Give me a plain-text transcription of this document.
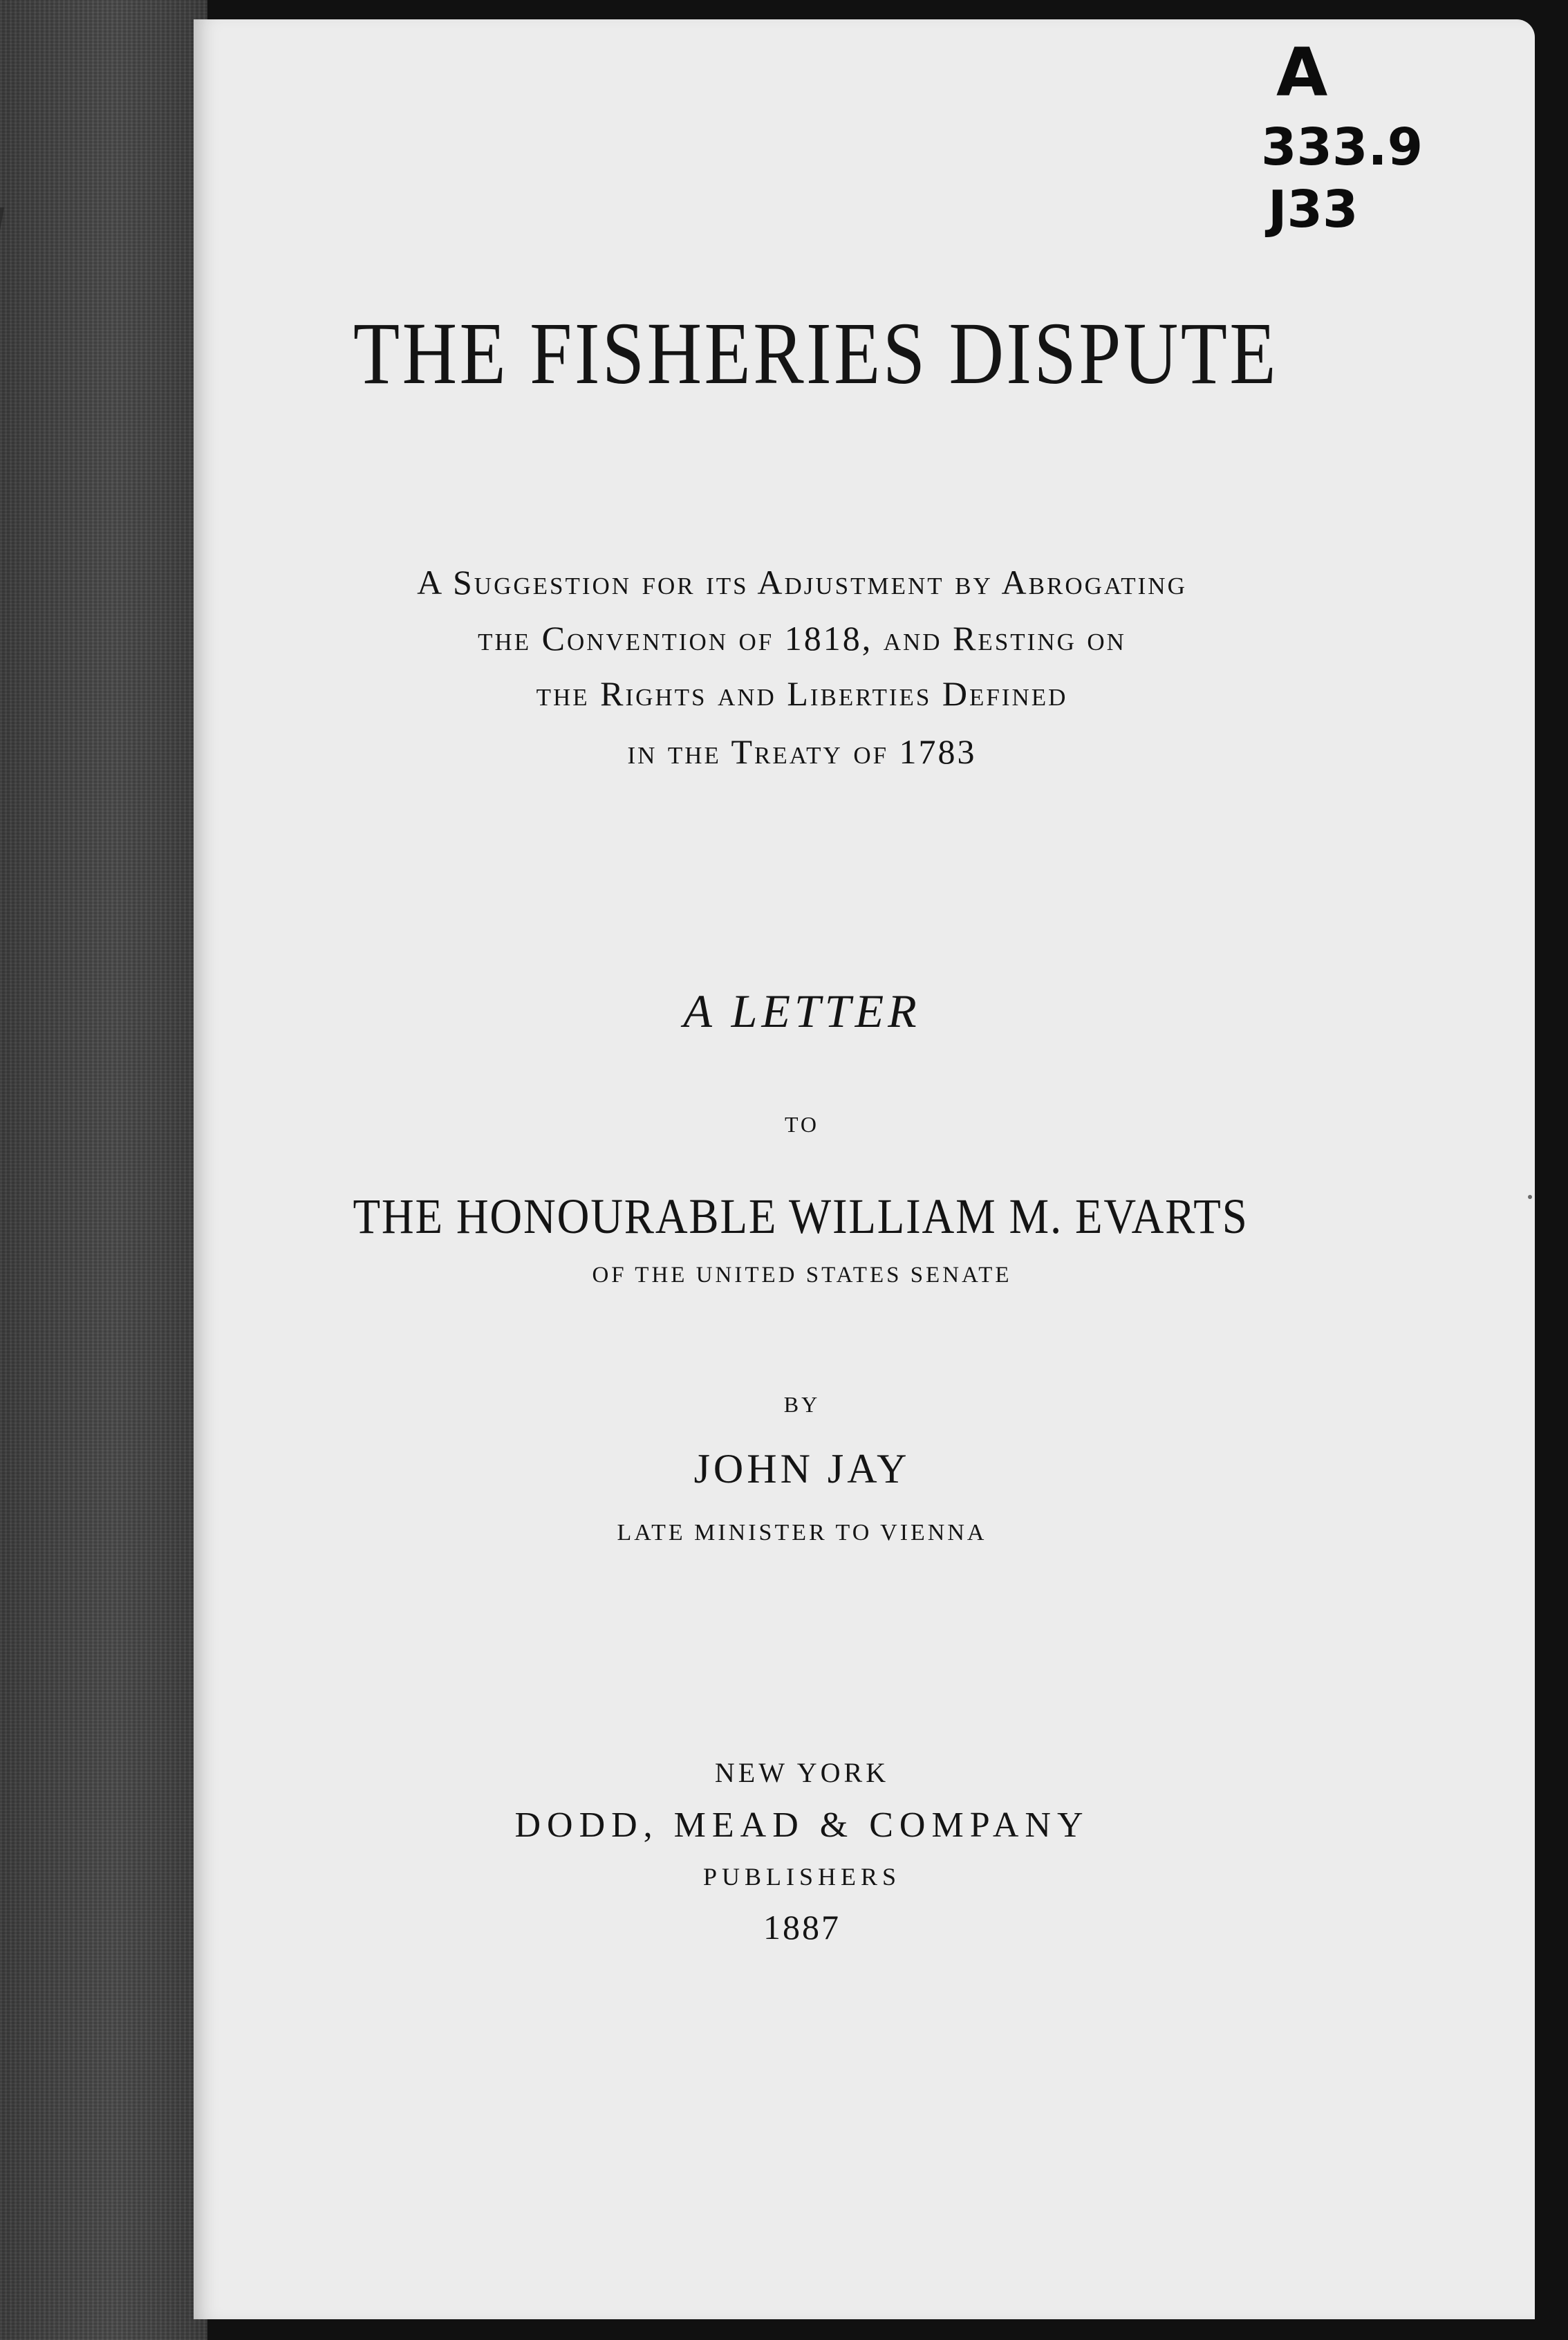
A
333.9
J33
THE FISHERIES DISPUTE
A Suggestion for its Adjustment by Abrogating
the Convention of 1818, and Resting on
the Rights and Liberties Defined
in the Treaty of 1783
A LETTER
TO
THE HONOURABLE WILLIAM M. EVARTS
OF THE UNITED STATES SENATE
BY
JOHN JAY
LATE MINISTER TO VIENNA
NEW YORK
DODD, MEAD & COMPANY
PUBLISHERS
1887
